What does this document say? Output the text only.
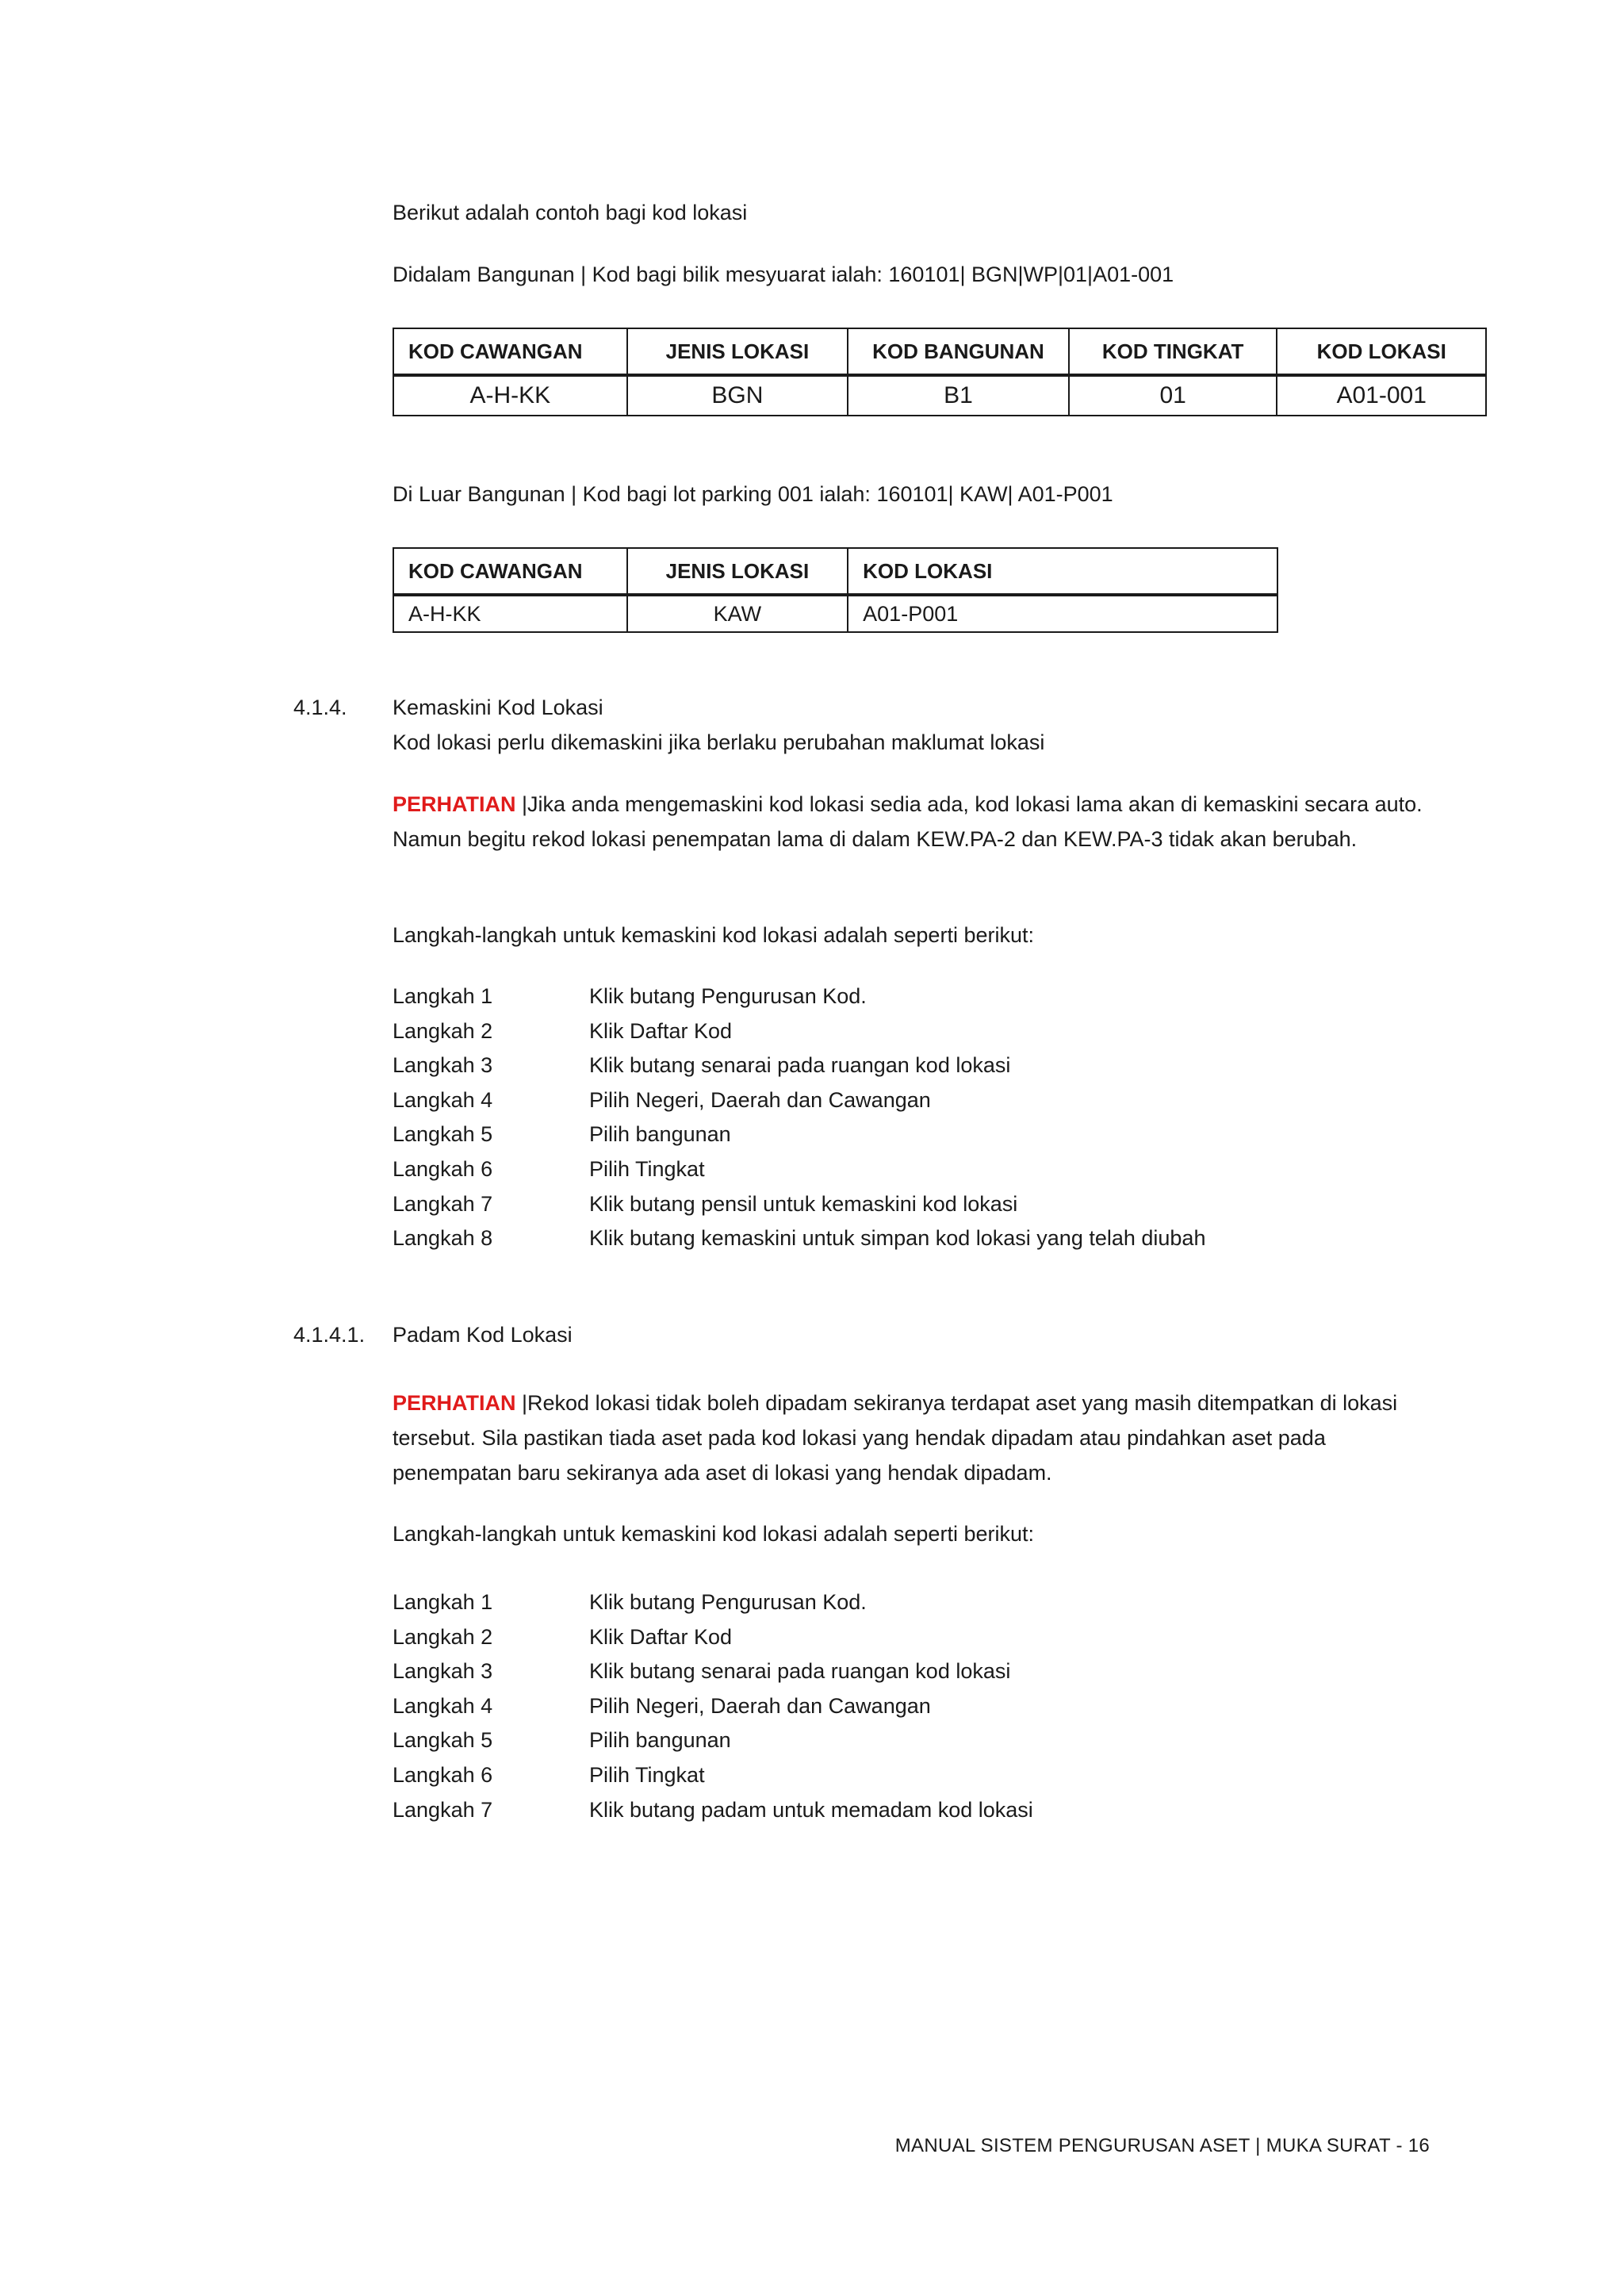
Berikut adalah contoh bagi kod lokasi
Didalam Bangunan | Kod bagi bilik mesyuarat ialah: 160101| BGN|WP|01|A01-001
KOD CAWANGAN	JENIS LOKASI	KOD BANGUNAN	KOD TINGKAT	KOD LOKASI
A-H-KK	BGN	B1	01	A01-001
Di Luar Bangunan | Kod bagi lot parking 001 ialah: 160101| KAW| A01-P001
KOD CAWANGAN	JENIS LOKASI	KOD LOKASI
A-H-KK	KAW	A01-P001
4.1.4. Kemaskini Kod Lokasi
Kod lokasi perlu dikemaskini jika berlaku perubahan maklumat lokasi
PERHATIAN |Jika anda mengemaskini kod lokasi sedia ada, kod lokasi lama akan di kemaskini secara auto. Namun begitu rekod lokasi penempatan lama di dalam KEW.PA-2 dan KEW.PA-3 tidak akan berubah.
Langkah-langkah untuk kemaskini kod lokasi adalah seperti berikut:
Langkah 1	Klik butang Pengurusan Kod.
Langkah 2	Klik Daftar Kod
Langkah 3	Klik butang senarai pada ruangan kod lokasi
Langkah 4	Pilih Negeri, Daerah dan Cawangan
Langkah 5	Pilih bangunan
Langkah 6	Pilih Tingkat
Langkah 7	Klik butang pensil untuk kemaskini kod lokasi
Langkah 8	Klik butang kemaskini untuk simpan kod lokasi yang telah diubah
4.1.4.1. Padam Kod Lokasi
PERHATIAN |Rekod lokasi tidak boleh dipadam sekiranya terdapat aset yang masih ditempatkan di lokasi tersebut. Sila pastikan tiada aset pada kod lokasi yang hendak dipadam atau pindahkan aset pada penempatan baru sekiranya ada aset di lokasi yang hendak dipadam.
Langkah-langkah untuk kemaskini kod lokasi adalah seperti berikut:
Langkah 1	Klik butang Pengurusan Kod.
Langkah 2	Klik Daftar Kod
Langkah 3	Klik butang senarai pada ruangan kod lokasi
Langkah 4	Pilih Negeri, Daerah dan Cawangan
Langkah 5	Pilih bangunan
Langkah 6	Pilih Tingkat
Langkah 7	Klik butang padam untuk memadam kod lokasi
MANUAL SISTEM PENGURUSAN ASET | MUKA SURAT - 16
